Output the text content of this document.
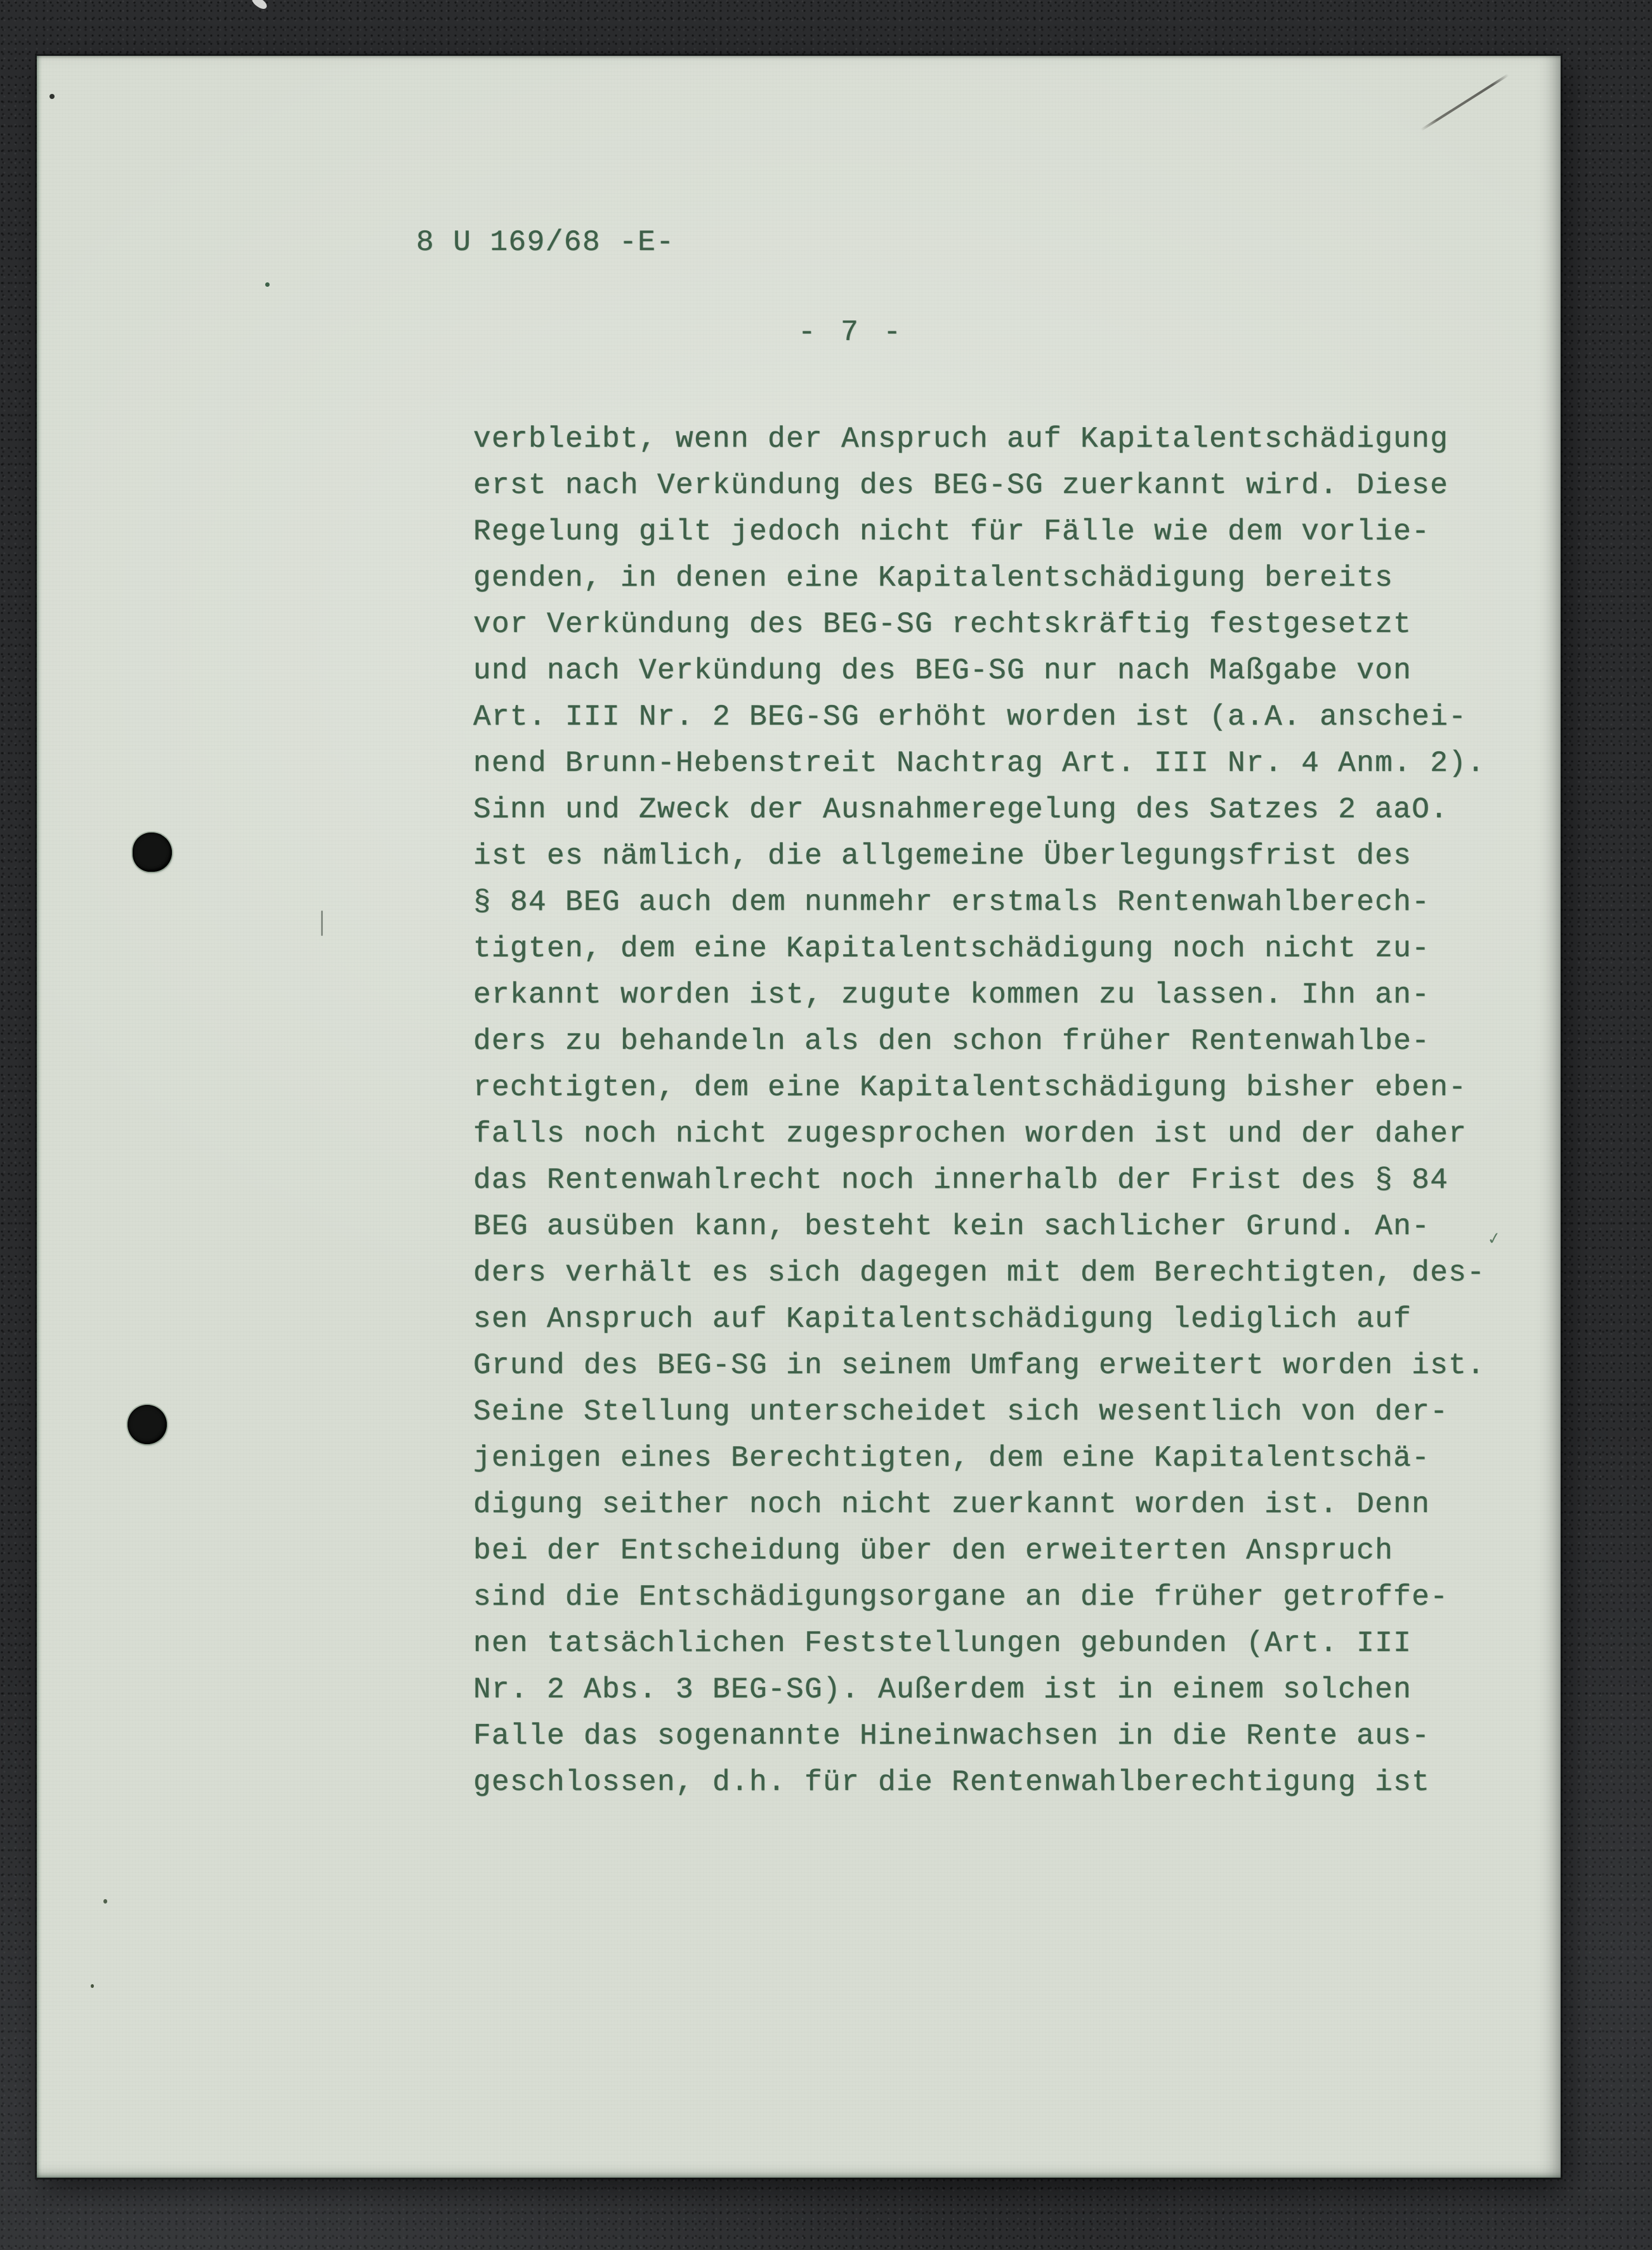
8 U 169/68 -E-
- 7 -
verbleibt, wenn der Anspruch auf Kapitalentschädigung
erst nach Verkündung des BEG-SG zuerkannt wird. Diese
Regelung gilt jedoch nicht für Fälle wie dem vorlie-
genden, in denen eine Kapitalentschädigung bereits
vor Verkündung des BEG-SG rechtskräftig festgesetzt
und nach Verkündung des BEG-SG nur nach Maßgabe von
Art. III Nr. 2 BEG-SG erhöht worden ist (a.A. anschei-
nend Brunn-Hebenstreit Nachtrag Art. III Nr. 4 Anm. 2).
Sinn und Zweck der Ausnahmeregelung des Satzes 2 aaO.
ist es nämlich, die allgemeine Überlegungsfrist des
§ 84 BEG auch dem nunmehr erstmals Rentenwahlberech-
tigten, dem eine Kapitalentschädigung noch nicht zu-
erkannt worden ist, zugute kommen zu lassen. Ihn an-
ders zu behandeln als den schon früher Rentenwahlbe-
rechtigten, dem eine Kapitalentschädigung bisher eben-
falls noch nicht zugesprochen worden ist und der daher
das Rentenwahlrecht noch innerhalb der Frist des § 84
BEG ausüben kann, besteht kein sachlicher Grund. An-
ders verhält es sich dagegen mit dem Berechtigten, des-
sen Anspruch auf Kapitalentschädigung lediglich auf
Grund des BEG-SG in seinem Umfang erweitert worden ist.
Seine Stellung unterscheidet sich wesentlich von der-
jenigen eines Berechtigten, dem eine Kapitalentschä-
digung seither noch nicht zuerkannt worden ist. Denn
bei der Entscheidung über den erweiterten Anspruch
sind die Entschädigungsorgane an die früher getroffe-
nen tatsächlichen Feststellungen gebunden (Art. III
Nr. 2 Abs. 3 BEG-SG). Außerdem ist in einem solchen
Falle das sogenannte Hineinwachsen in die Rente aus-
geschlossen, d.h. für die Rentenwahlberechtigung ist
✓
